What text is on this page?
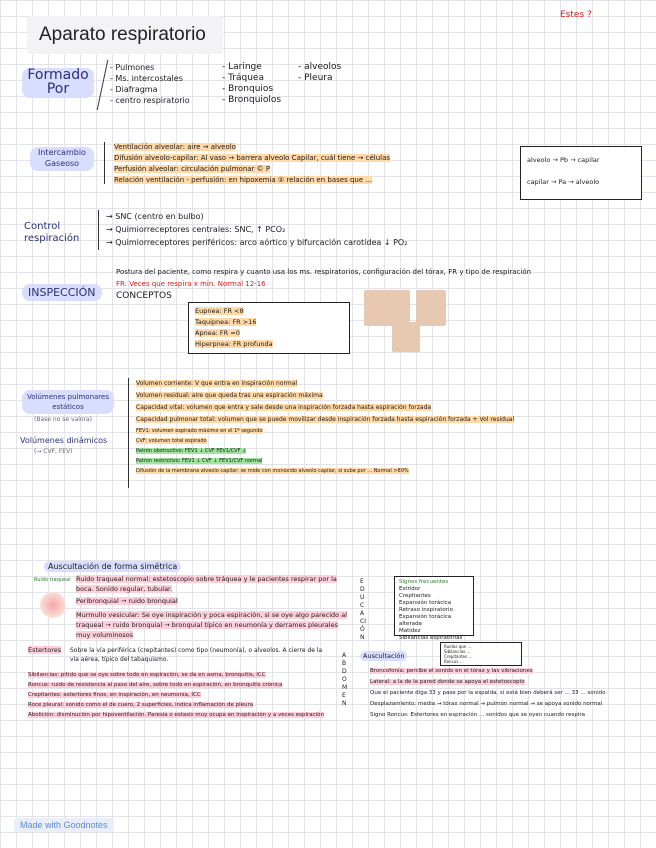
Estes ?
Aparato respiratorio
Formado Por
- Pulmones
- Ms. intercostales
- Diafragma
- centro respiratorio
- Laringe
- Tráquea
- Bronquios
- Bronquiolos
- alveolos
- Pleura
Intercambio Gaseoso
Ventilación alveolar: aire → alveolo
Difusión alveolo-capilar: Al vaso → barrera alveolo Capilar, cuál tiene → células
Perfusión alveolar: circulación pulmonar © P
Relación ventilación - perfusión: en hipoxemia ② relación en bases que ...
alveolo → Pb → capilar
capilar → Pa → alveolo
Control respiración
→ SNC (centro en bulbo)
→ Quimiorreceptores centrales: SNC, ↑ PCO₂
→ Quimiorreceptores periféricos: arco aórtico y bifurcación carotídea ↓ PO₂
INSPECCIÓN
Postura del paciente, como respira y cuanto usa los ms. respiratorios, configuración del tórax, FR y tipo de respiración
FR: Veces que respira x min. Normal 12-16
CONCEPTOS
Eupnea: FR <8
Taquipnea: FR >16
Apnea: FR =0
Hiperpnea: FR profunda
Volúmenes pulmonares estáticos
(Base no se valora)
Volúmenes dinámicos
(→ CVF, FEV)
Volumen corriente: V que entra en inspiración normal
Volumen residual: aire que queda tras una espiración máxima
Capacidad vital: volumen que entra y sale desde una inspiración forzada hasta espiración forzada
Capacidad pulmonar total: volumen que se puede movilizar desde inspiración forzada hasta espiración forzada + Vol residual
FEV1: volumen espirado máximo en el 1º segundo
CVF: volumen total espirado
Patrón obstructivo: FEV1 ↓ CVF FEV1/CVF ↓
Patrón restrictivo: FEV1 ↓ CVF ↓ FEV1/CVF normal
Difusión de la membrana alveolo capilar: se mide con monóxido alveolo capilar, si sube por ... Normal >80%
Auscultación de forma simétrica
Ruido traqueal Ruido traqueal normal: estetoscopio sobre tráquea y le pacientes respirar por la boca. Sonido regular, tubular.
Peribronquial → ruido bronquial
Murmullo vesicular: Se oye inspiración y poca espiración, si se oye algo parecido al traqueal → ruido bronquial → bronquial típico en neumonía y derrames pleurales muy voluminosos
EDUCACIÓN
Signos frecuentes
Estridor
Crepitantes
Expansión torácica
Retraso inspiratorio
Expansión torácica alterada
Matidez
Sibilancias espiratorias
Estertores Sobre la vía periférica (crepitantes) como tipo (neumonía), o alveolos. A cierre de la vía aérea, típico del tabaquismo.
Sibilancias: pitido que se oye sobre todo en espiración, se da en asma, bronquitis, ICC
Roncus: ruido de resistencia al paso del aire, sobre todo en espiración, en bronquitis crónica
Crepitantes: estertores finos, en inspiración, en neumonía, ICC
Roce pleural: sonido como el de cuero, 2 superficies, indica inflamación de pleura
Abolición: disminución por hipoventilación. Paresia o estasis muy ocupa en inspiración y a veces espiración
ABDOMEN
Auscultación
Ruidos que ...
Sibilancias ...
Crepitantes ...
Roncus ...
Broncofonía: percibe el sonido en el tórax y las vibraciones
Lateral: a la de la pared donde se apoya el estetoscopio
Que el paciente diga 33 y pase por la espalda, si está bien deberá ser ... 33 ... sonido
Desplazamiento: media → tórax normal → pulmón normal → se apoya sonido normal
Signo Roncus: Estertores en espiración ... sonidos que se oyen cuando respira
Made with Goodnotes
